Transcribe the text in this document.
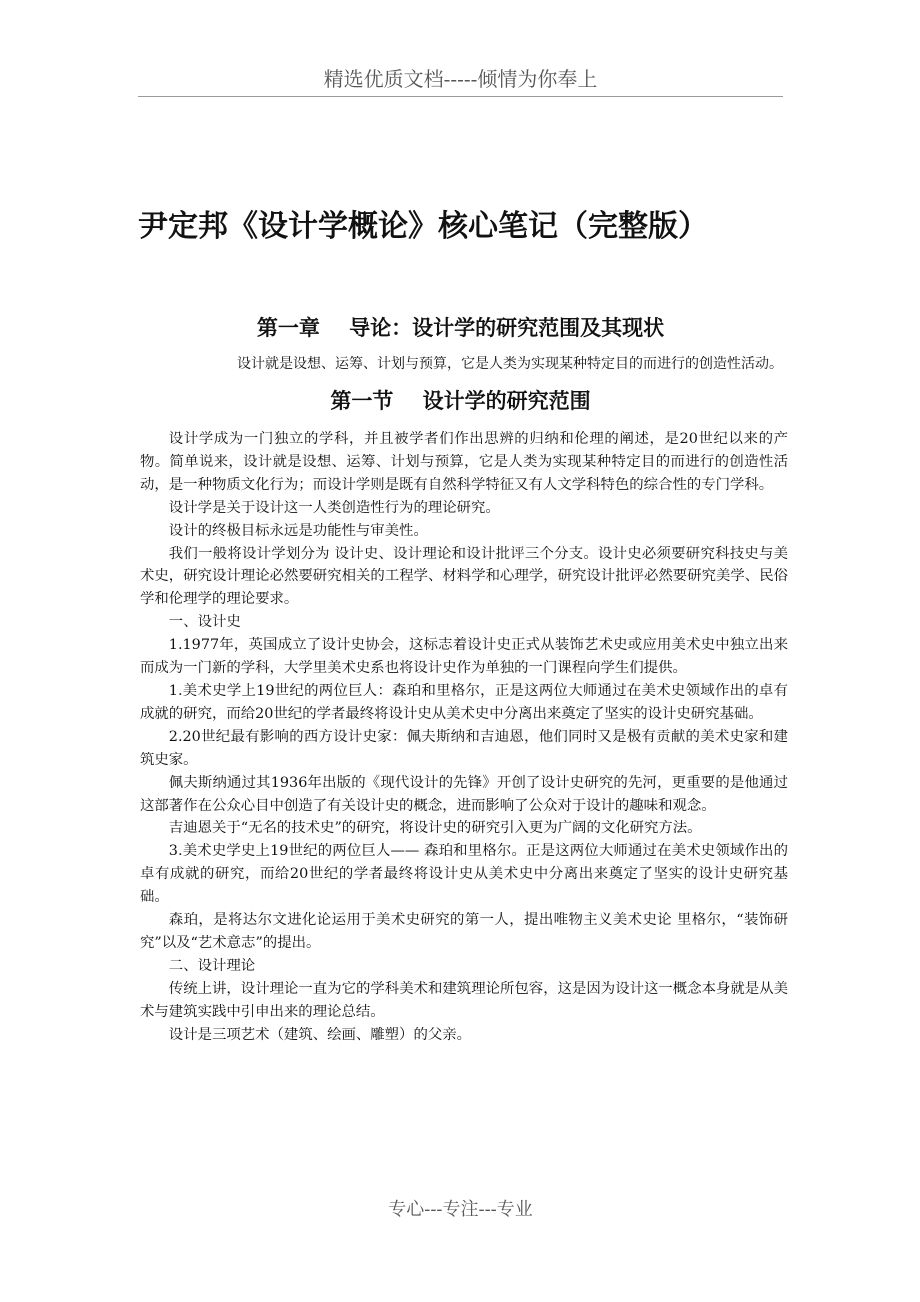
精选优质文档-----倾情为你奉上
尹定邦《设计学概论》核心笔记（完整版）
第一章    导论：设计学的研究范围及其现状
设计就是设想、运筹、计划与预算，它是人类为实现某种特定目的而进行的创造性活动。
第一节    设计学的研究范围

设计学成为一门独立的学科，并且被学者们作出思辨的归纳和伦理的阐述，是20世纪以来的产物。简单说来，设计就是设想、运筹、计划与预算，它是人类为实现某种特定目的而进行的创造性活动，是一种物质文化行为；而设计学则是既有自然科学特征又有人文学科特色的综合性的专门学科。

设计学是关于设计这一人类创造性行为的理论研究。

设计的终极目标永远是功能性与审美性。

我们一般将设计学划分为 设计史、设计理论和设计批评三个分支。设计史必须要研究科技史与美术史，研究设计理论必然要研究相关的工程学、材料学和心理学，研究设计批评必然要研究美学、民俗学和伦理学的理论要求。

一、设计史

1.1977年，英国成立了设计史协会，这标志着设计史正式从装饰艺术史或应用美术史中独立出来而成为一门新的学科，大学里美术史系也将设计史作为单独的一门课程向学生们提供。

1.美术史学上19世纪的两位巨人：森珀和里格尔，正是这两位大师通过在美术史领域作出的卓有成就的研究，而给20世纪的学者最终将设计史从美术史中分离出来奠定了坚实的设计史研究基础。

2.20世纪最有影响的西方设计史家：佩夫斯纳和吉迪恩，他们同时又是极有贡献的美术史家和建筑史家。

佩夫斯纳通过其1936年出版的《现代设计的先锋》开创了设计史研究的先河，更重要的是他通过这部著作在公众心目中创造了有关设计史的概念，进而影响了公众对于设计的趣味和观念。

吉迪恩关于“无名的技术史”的研究，将设计史的研究引入更为广阔的文化研究方法。

3.美术史学史上19世纪的两位巨人—— 森珀和里格尔。正是这两位大师通过在美术史领域作出的卓有成就的研究，而给20世纪的学者最终将设计史从美术史中分离出来奠定了坚实的设计史研究基础。

森珀，是将达尔文进化论运用于美术史研究的第一人，提出唯物主义美术史论 里格尔，“装饰研究”以及“艺术意志”的提出。

二、设计理论

传统上讲，设计理论一直为它的学科美术和建筑理论所包容，这是因为设计这一概念本身就是从美术与建筑实践中引申出来的理论总结。

设计是三项艺术（建筑、绘画、雕塑）的父亲。

专心---专注---专业
